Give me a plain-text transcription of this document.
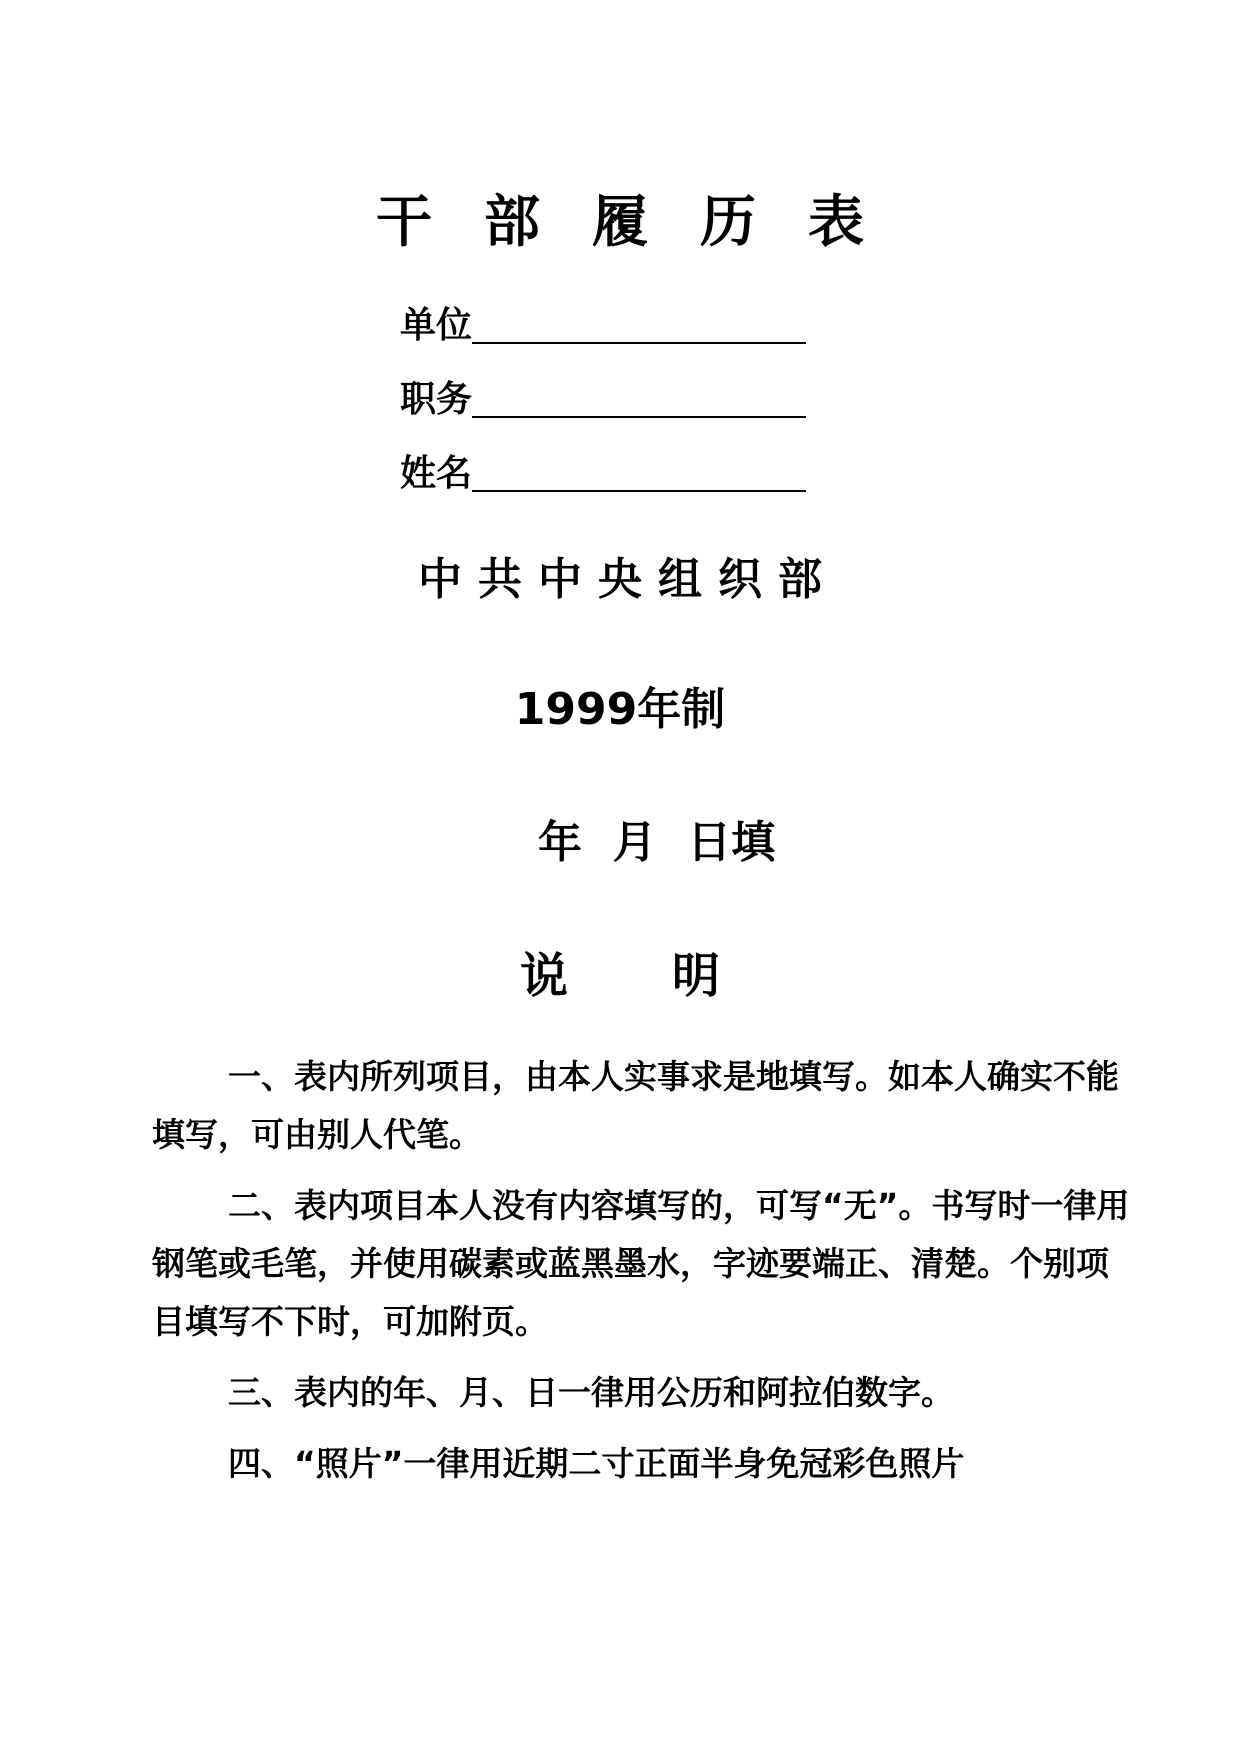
干部履历表
单位
职务
姓名
中共中央组织部
1999年制
年  月  日填
说 明

一、表内所列项目，由本人实事求是地填写。如本人确实不能填写，可由别人代笔。

二、表内项目本人没有内容填写的，可写“无”。书写时一律用钢笔或毛笔，并使用碳素或蓝黑墨水，字迹要端正、清楚。个别项目填写不下时，可加附页。

三、表内的年、月、日一律用公历和阿拉伯数字。

四、“照片”一律用近期二寸正面半身免冠彩色照片
